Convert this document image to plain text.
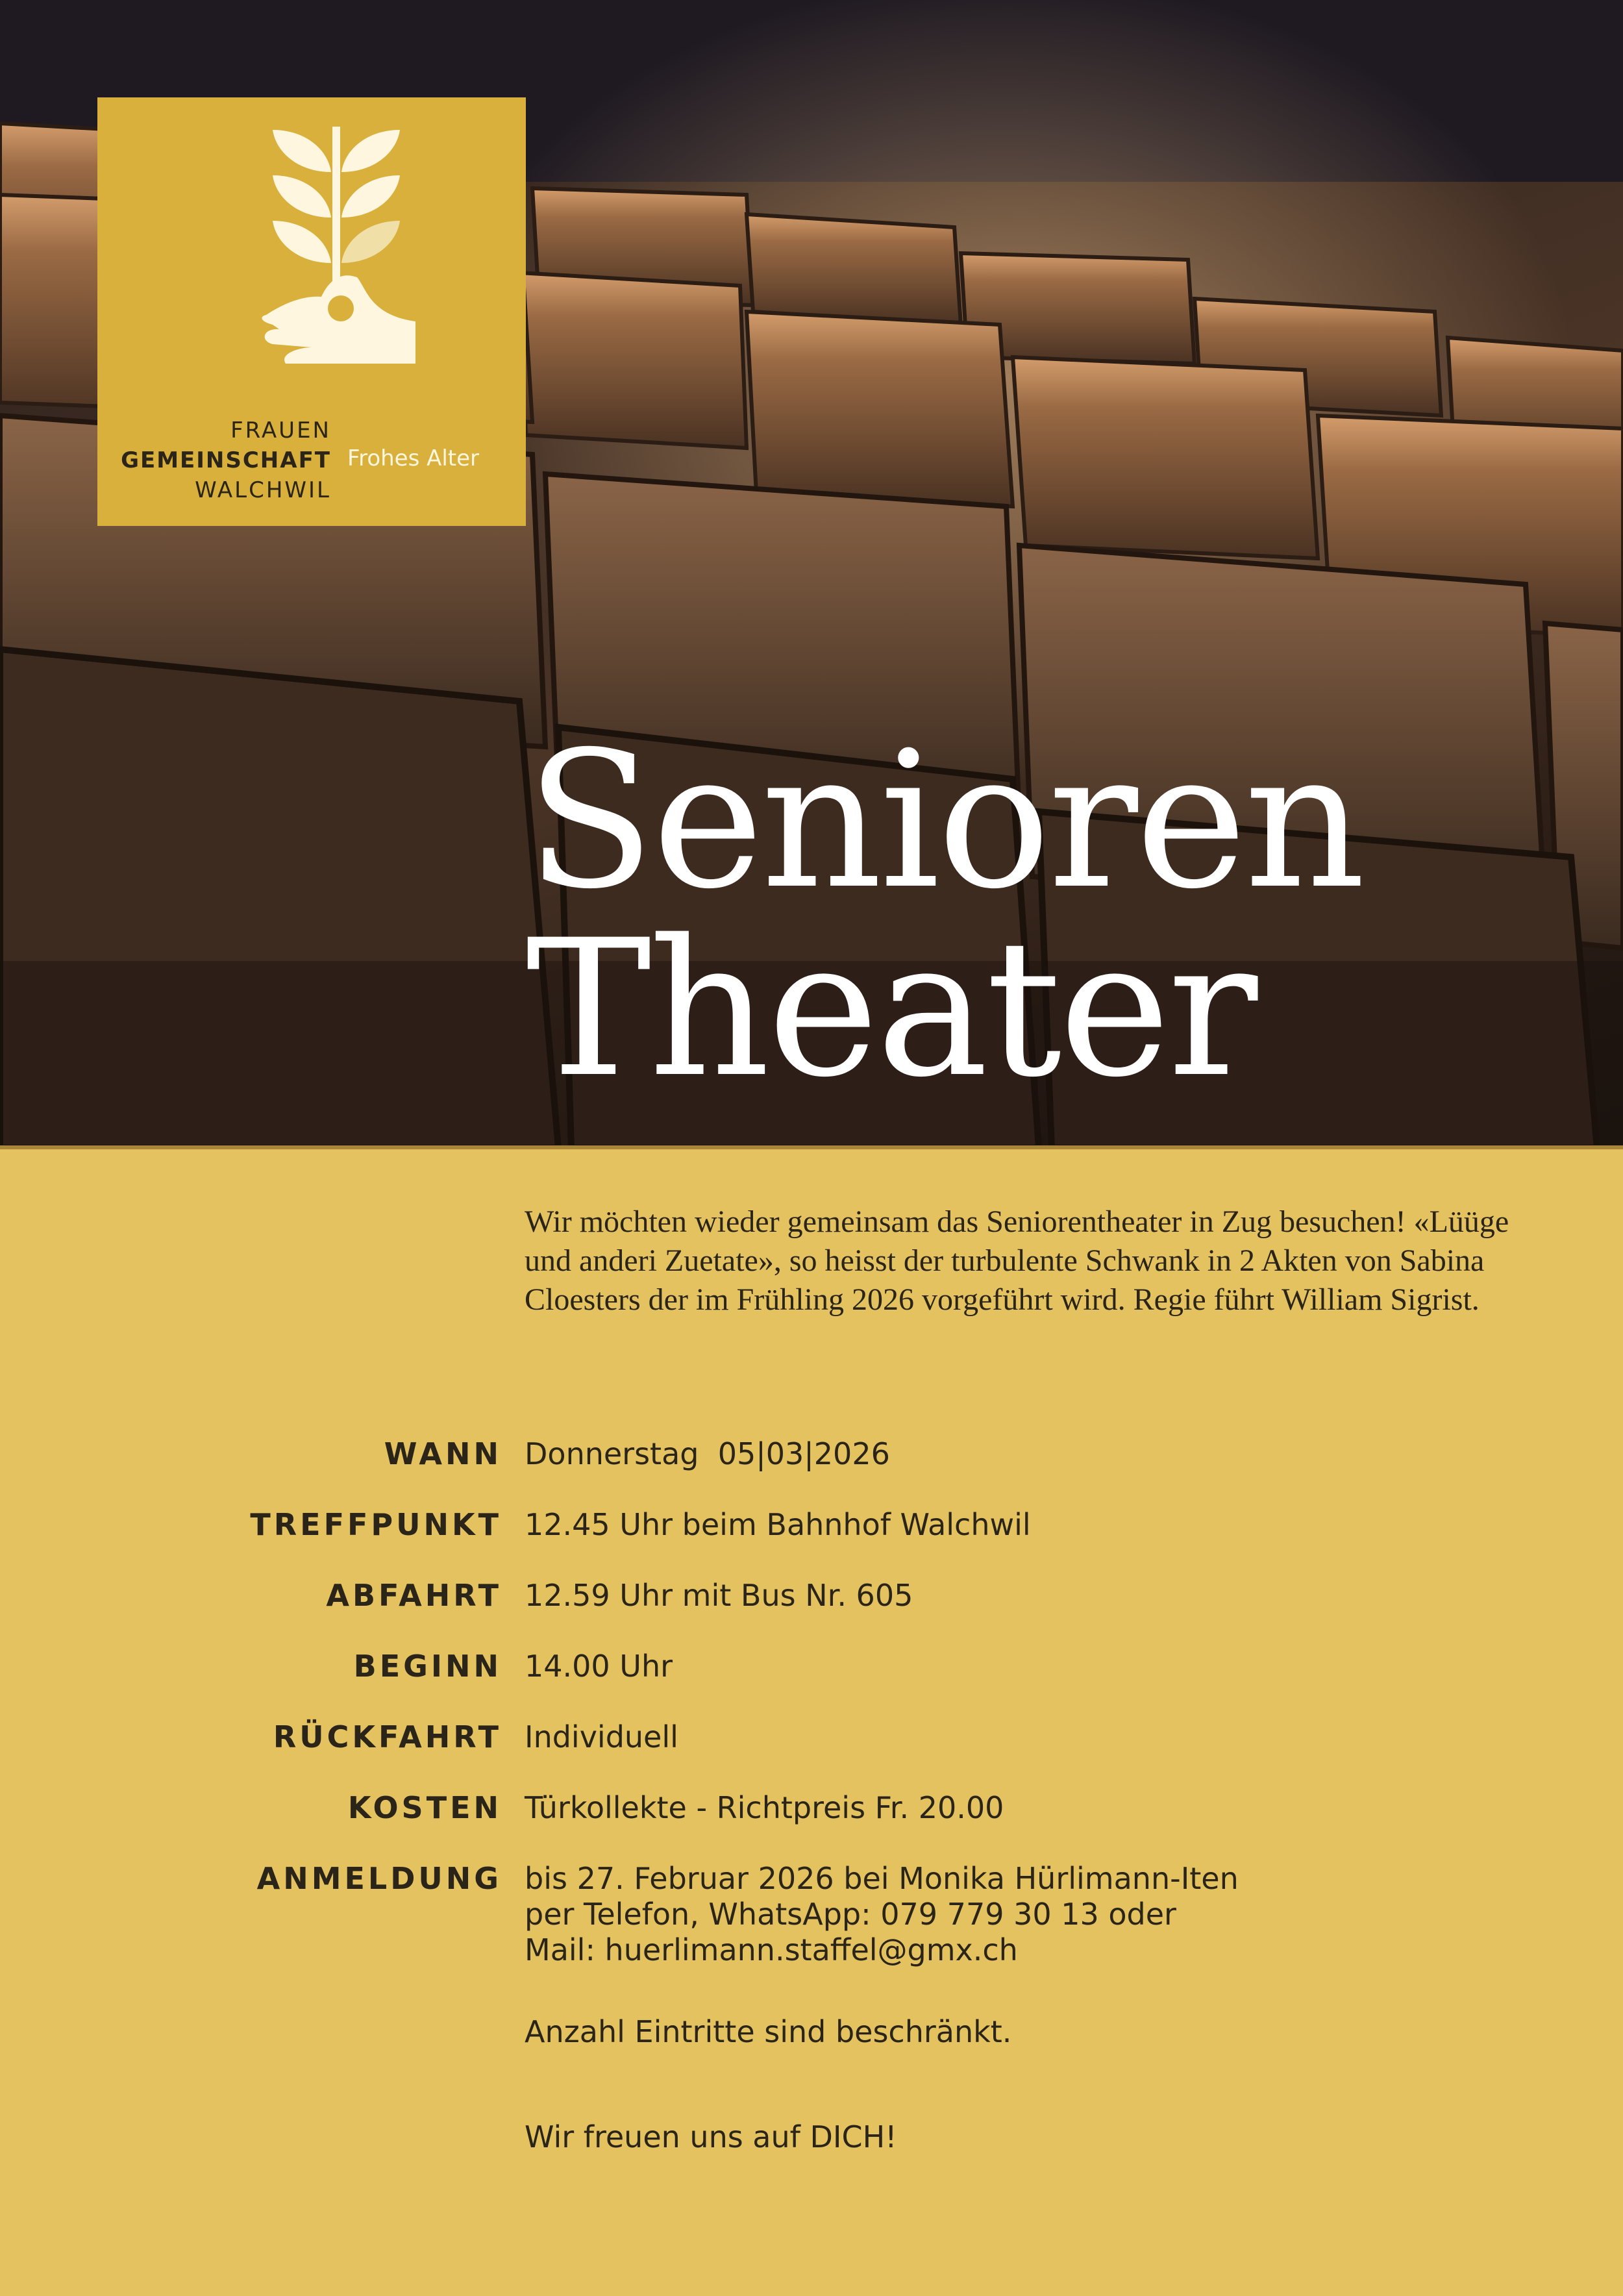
FRAUEN
GEMEINSCHAFT
WALCHWIL
Frohes Alter
Senioren
Theater
Wir möchten wieder gemeinsam das Seniorentheater in Zug besuchen! «Lüüge und anderi Zuetate», so heisst der turbulente Schwank in 2 Akten von Sabina Cloesters der im Frühling 2026 vorgeführt wird. Regie führt William Sigrist.
WANN Donnerstag  05|03|2026
TREFFPUNKT 12.45 Uhr beim Bahnhof Walchwil
ABFAHRT 12.59 Uhr mit Bus Nr. 605
BEGINN 14.00 Uhr
RÜCKFAHRT Individuell
KOSTEN Türkollekte - Richtpreis Fr. 20.00
ANMELDUNG bis 27. Februar 2026 bei Monika Hürlimann-Iten
per Telefon, WhatsApp: 079 779 30 13 oder
Mail: huerlimann.staffel@gmx.ch
Anzahl Eintritte sind beschränkt.
Wir freuen uns auf DICH!
